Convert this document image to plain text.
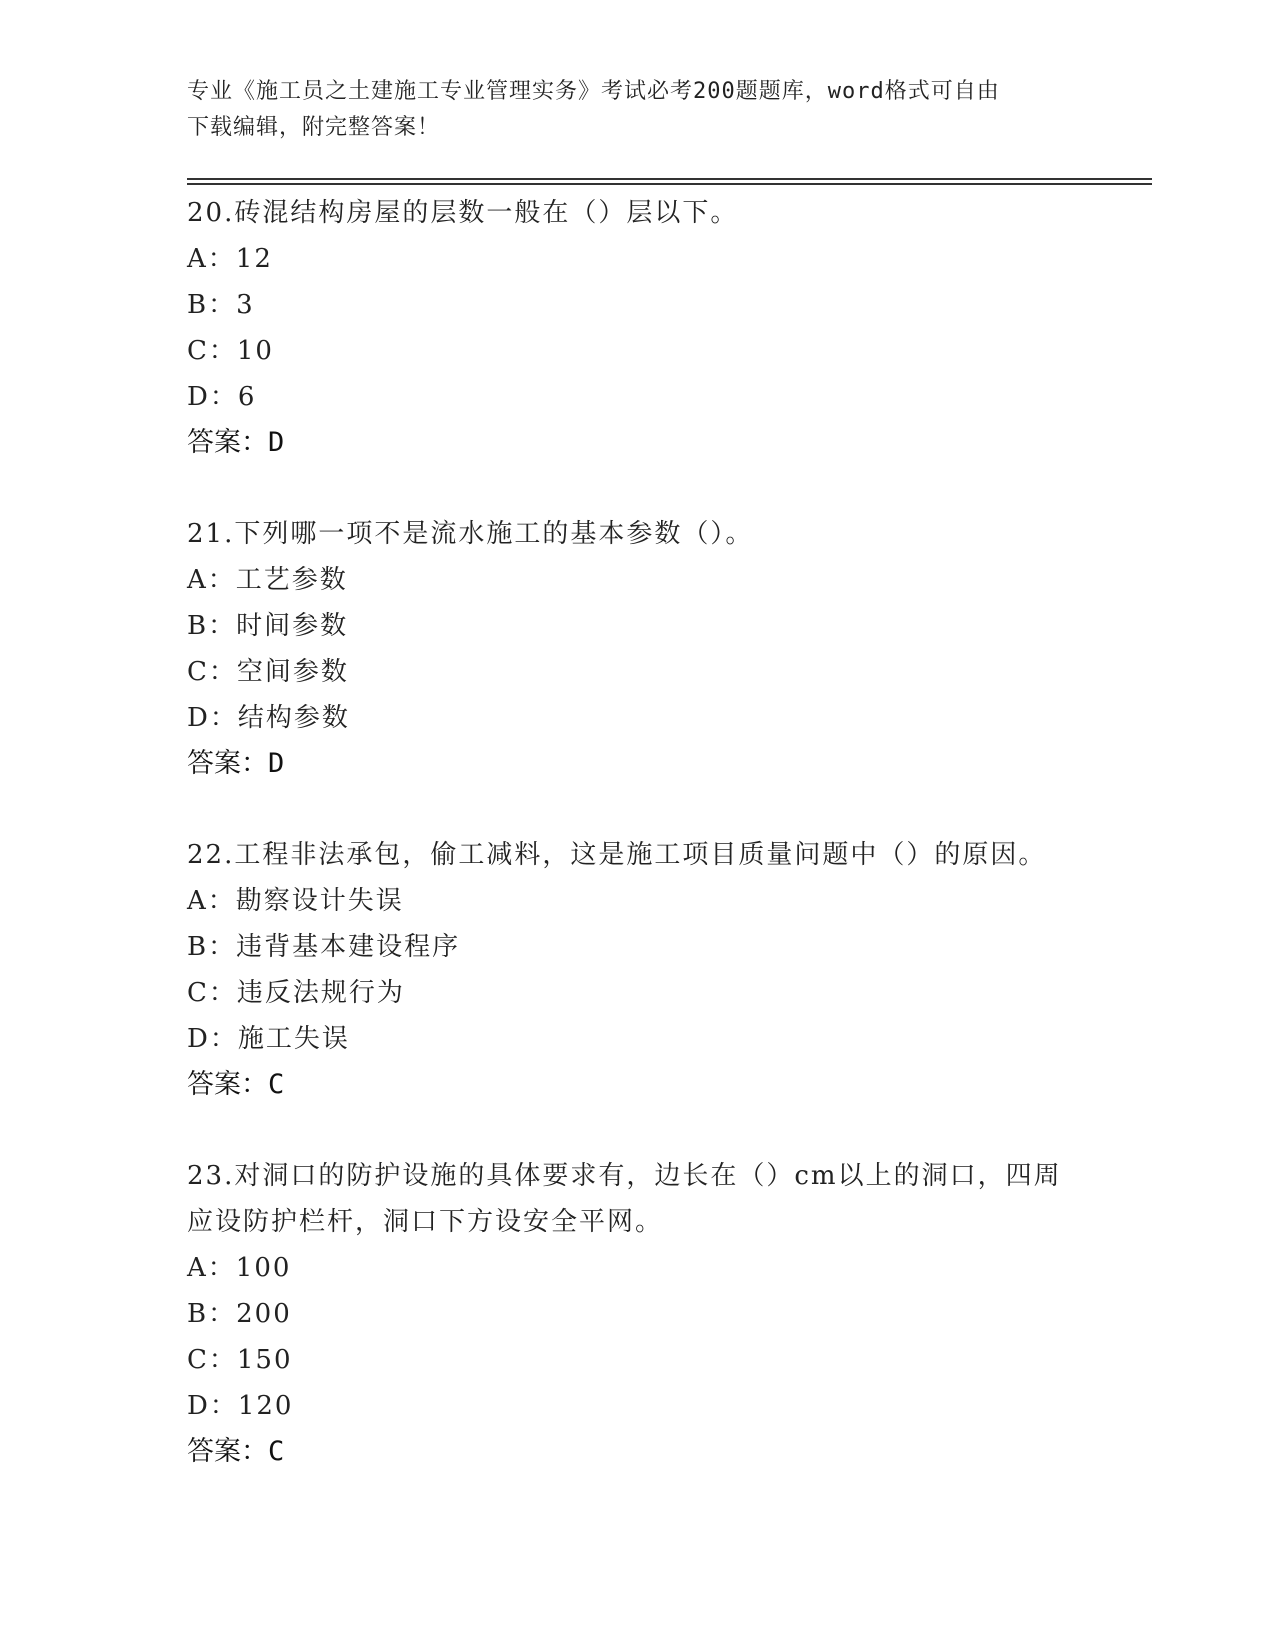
专业《施工员之土建施工专业管理实务》考试必考200题题库，word格式可自由
下载编辑，附完整答案！

20.砖混结构房屋的层数一般在（）层以下。

A：12

B：3

C：10

D：6

答案：D

21.下列哪一项不是流水施工的基本参数（）。

A：工艺参数

B：时间参数

C：空间参数

D：结构参数

答案：D

22.工程非法承包，偷工减料，这是施工项目质量问题中（）的原因。

A：勘察设计失误

B：违背基本建设程序

C：违反法规行为

D：施工失误

答案：C

23.对洞口的防护设施的具体要求有，边长在（）cm以上的洞口，四周

应设防护栏杆，洞口下方设安全平网。

A：100

B：200

C：150

D：120

答案：C
